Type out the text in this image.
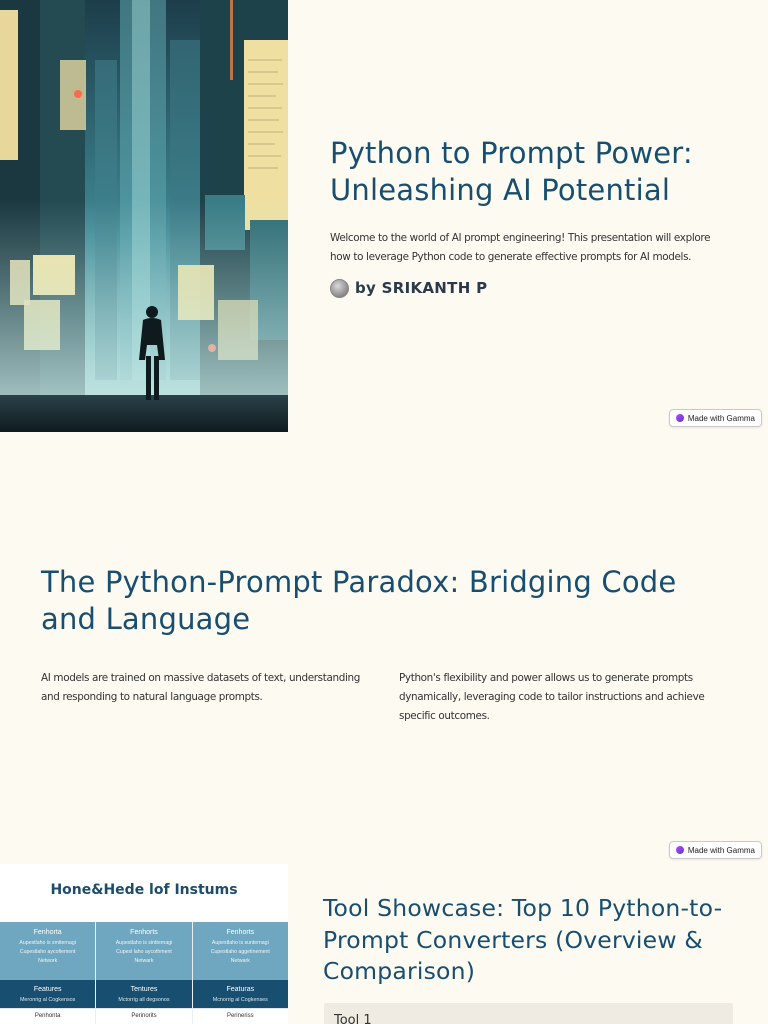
Python to Prompt Power: Unleashing AI Potential

Welcome to the world of AI prompt engineering! This presentation will explore how to leverage Python code to generate effective prompts for AI models.

by SRIKANTH P
Made with Gamma
The Python-Prompt Paradox: Bridging Code and Language

AI models are trained on massive datasets of text, understanding and responding to natural language prompts.

Python's flexibility and power allows us to generate prompts dynamically, leveraging code to tailor instructions and achieve specific outcomes.

Made with Gamma
Hone&Hede lof Instums
Fenhorta
Aupestlaho is smiternagi
Cupestlaho aycofiement
Network
Fenhorts
Aupestlaho is sintternagi
Cupesl laho aycothment
Netwark
Fenhorts
Aupestlaho is sunternagi
Cupestlaho aggetinement
Netwark
Features
Meronrig al Cogkensos
Tentures
Mctorrig all degsonos
Featuras
Mcnorrig al Cogkenses
Penhonta	Perinorits	Perineriss
Tool Showcase: Top 10 Python-to-Prompt Converters (Overview & Comparison)
Tool 1
